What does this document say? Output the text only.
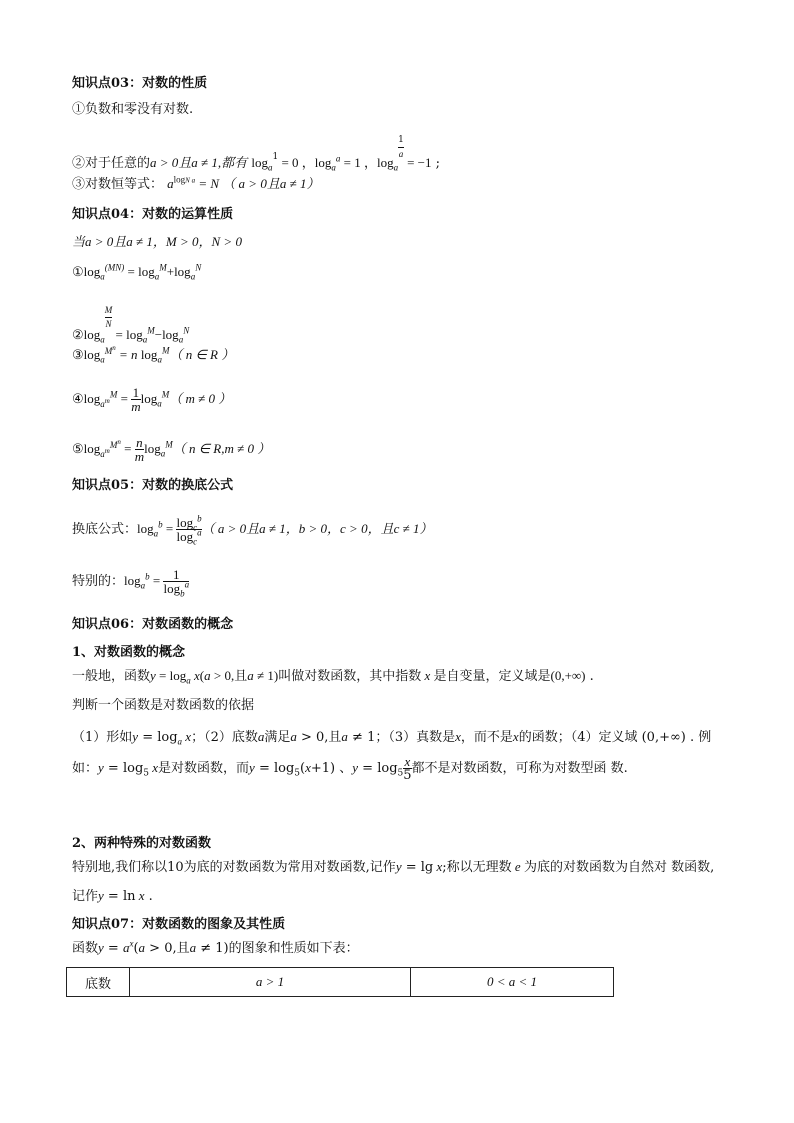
知识点03：对数的性质
①负数和零没有对数.
②对于任意的a > 0且a ≠ 1,都有 $\log_a$
1 = 0 ，$\log_a^a = 1$ ，$\log_a$
$\frac{1}{a}$
= −1 ;
③对数恒等式： $a^{logN a} = N$ （ a > 0且a ≠ 1）
知识点04：对数的运算性质
当a > 0且a ≠ 1，M > 0，N > 0
$①\log_a^{(MN)} = \log_a^M+\log_a^N$
$②\log_a$
$\frac{M}{N}$
= $\log_a^M-\log_a^N$
$③\log_a^{M^n} = n$ $\log_a^M$（ n ∈ R ）
$④\log_{a^m}^M = \frac{1}{m} \log_a^M$（ m ≠ 0 ）
$⑤\log_{a^m}^{M^n} = \frac{n}{m} \log_a^M$（ n ∈ R,m ≠ 0 ）
知识点05：对数的换底公式
换底公式：$\log_a^b = \frac{\log_c^b}{\log_c^a}$ （ a > 0且a ≠ 1，b > 0，c > 0，且c ≠ 1）
特别的：$\log_a^b = \frac{1}{\log_b^a}$
知识点06：对数函数的概念
1、对数函数的概念
一般地，函数$y = \log_a x(a > 0$,且a ≠ 1)叫做对数函数，其中指数 x 是自变量，定义域是(0,+∞) .
判断一个函数是对数函数的依据
（1）形如$y = \log_a x$；（2）底数a满足a > 0,且a ≠ 1；（3）真数是x，而不是x的函数；（4）定义域 (0,+∞) . 例如：$y = \log_5 x$是对数函数，而$y = \log_5(x+1)$ 、$y = \log_5 \frac{x}{5}$ 都不是对数函数，可称为对数型函 数.
2、两种特殊的对数函数
特别地,我们称以10为底的对数函数为常用对数函数,记作y = lg x;称以无理数 e 为底的对数函数为自然对 数函数,记作y = ln x .
知识点07：对数函数的图象及其性质
函数$y = a^x(a > 0$,且a ≠ 1)的图象和性质如下表：
底数	a > 1	0 < a < 1
